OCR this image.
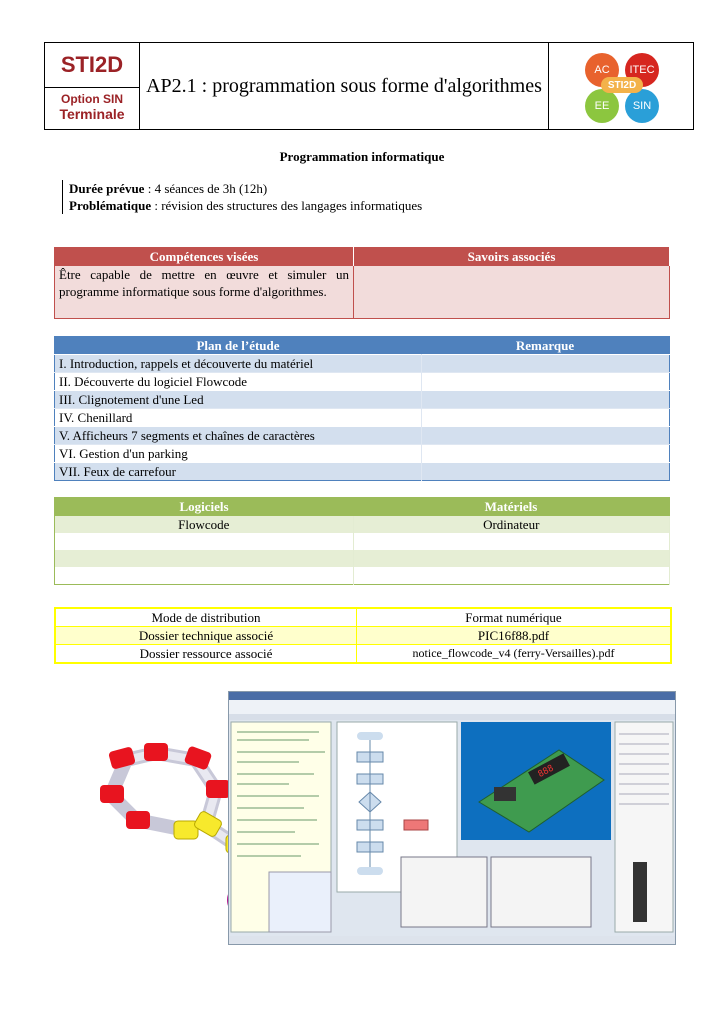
STI2D
Option SIN
Terminale
AP2.1 : programmation sous forme d'algorithmes
AC	ITEC
EE	SIN
STI2D
Programmation informatique
Durée prévue : 4 séances de 3h (12h)
Problématique : révision des structures des langages informatiques
Compétences visées	Savoirs associés
Être capable de mettre en œuvre et simuler un programme informatique sous forme d'algorithmes.	
Plan de l’étude	Remarque
I. Introduction, rappels et découverte du matériel	
II. Découverte du logiciel Flowcode	
III. Clignotement d'une Led	
IV. Chenillard	
V. Afficheurs 7 segments et chaînes de caractères	
VI. Gestion d'un parking	
VII. Feux de carrefour	
Logiciels	Matériels
Flowcode	Ordinateur

Mode de distribution	Format numérique
Dossier technique associé	PIC16f88.pdf
Dossier ressource associé	notice_flowcode_v4 (ferry-Versailles).pdf
888
